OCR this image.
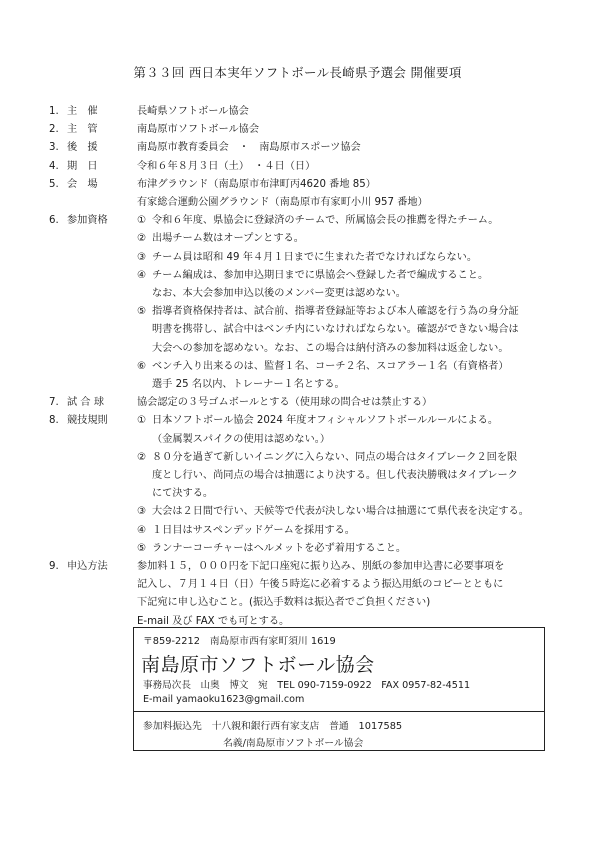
第３３回 西日本実年ソフトボール長崎県予選会 開催要項
1. 主　催	長崎県ソフトボール協会
2. 主　管	南島原市ソフトボール協会
3. 後　援	南島原市教育委員会　・　南島原市スポーツ協会
4. 期　日	令和６年８月３日（土）　・４日（日）
5. 会　場	布津グラウンド（南島原市布津町丙4620 番地 85）
有家総合運動公園グラウンド（南島原市有家町小川 957 番地）
6. 参加資格	① 令和６年度、県協会に登録済のチームで、所属協会長の推薦を得たチーム。
② 出場チーム数はオープンとする。
③ チーム員は昭和 49 年４月１日までに生まれた者でなければならない。
④ チーム編成は、参加申込期日までに県協会へ登録した者で編成すること。
なお、本大会参加申込以後のメンバー変更は認めない。
⑤ 指導者資格保持者は、試合前、指導者登録証等および本人確認を行う為の身分証
明書を携帯し、試合中はベンチ内にいなければならない。確認ができない場合は
大会への参加を認めない。なお、この場合は納付済みの参加料は返金しない。
⑥ ベンチ入り出来るのは、監督１名、コーチ２名、スコアラー１名（有資格者）
選手 25 名以内、トレーナー１名とする。
7. 試 合 球	協会認定の３号ゴムボールとする（使用球の問合せは禁止する）
8. 競技規則	① 日本ソフトボール協会 2024 年度オフィシャルソフトボールルールによる。
（金属製スパイクの使用は認めない。）
② ８０分を過ぎて新しいイニングに入らない、同点の場合はタイブレーク２回を限
度とし行い、尚同点の場合は抽選により決する。但し代表決勝戦はタイブレーク
にて決する。
③ 大会は２日間で行い、天候等で代表が決しない場合は抽選にて県代表を決定する。
④ １日目はサスペンデッドゲームを採用する。
⑤ ランナーコーチャーはヘルメットを必ず着用すること。
9. 申込方法	参加料１５，０００円を下記口座宛に振り込み、別紙の参加申込書に必要事項を
記入し、７月１４日（日）午後５時迄に必着するよう振込用紙のコピーとともに
下記宛に申し込むこと。(振込手数料は振込者でご負担ください)
E-mail 及び FAX でも可とする。
〒859-2212　南島原市西有家町須川 1619
南島原市ソフトボール協会
事務局次長　山奥　博文　宛　TEL 090-7159-0922　FAX 0957-82-4511
E-mail yamaoku1623@gmail.com
参加料振込先　十八親和銀行西有家支店　普通　1017585
名義/南島原市ソフトボール協会
